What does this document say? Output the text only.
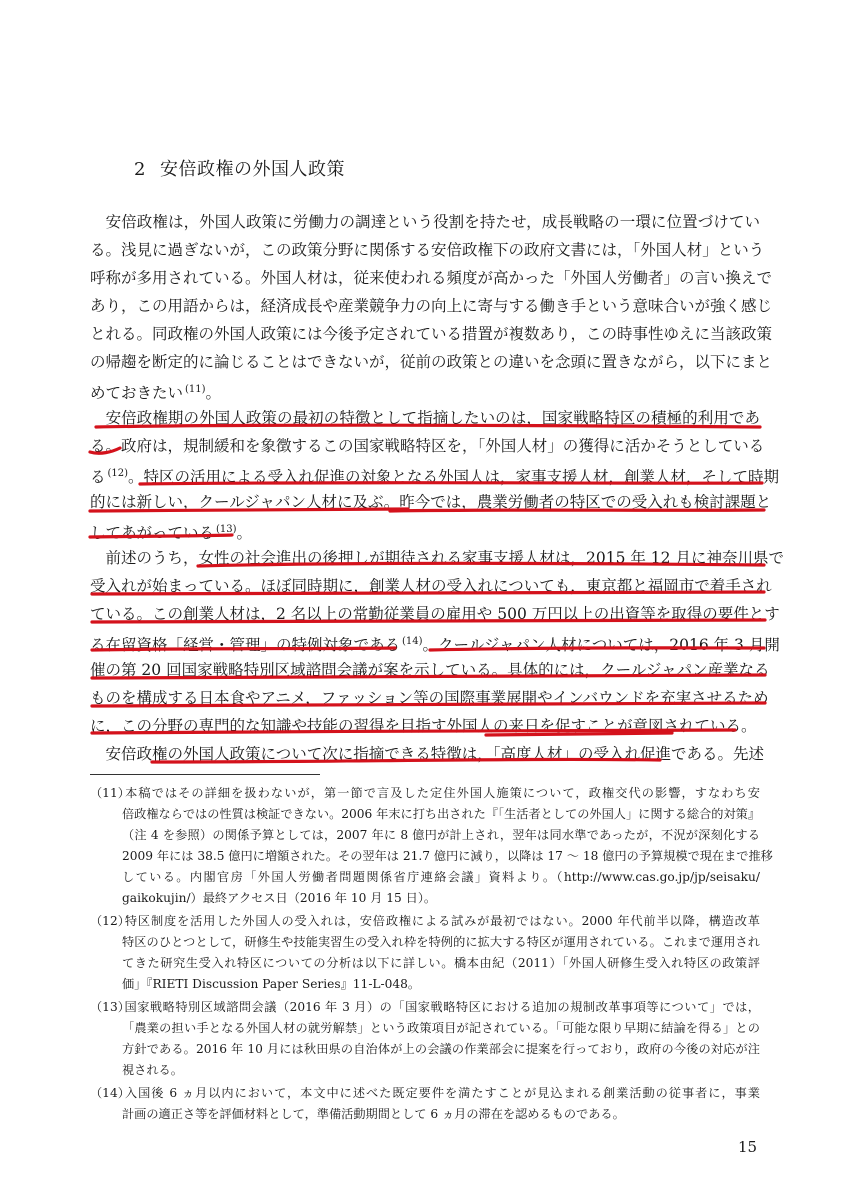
2 安倍政権の外国人政策
　安倍政権は，外国人政策に労働力の調達という役割を持たせ，成長戦略の一環に位置づけてい
る。浅見に過ぎないが，この政策分野に関係する安倍政権下の政府文書には，「外国人材」という
呼称が多用されている。外国人材は，従来使われる頻度が高かった「外国人労働者」の言い換えで
あり，この用語からは，経済成長や産業競争力の向上に寄与する働き手という意味合いが強く感じ
とれる。同政権の外国人政策には今後予定されている措置が複数あり，この時事性ゆえに当該政策
の帰趨を断定的に論じることはできないが，従前の政策との違いを念頭に置きながら，以下にまと
めておきたい $^{(11)}$。
　安倍政権期の外国人政策の最初の特徴として指摘したいのは，国家戦略特区の積極的利用であ
る。政府は，規制緩和を象徴するこの国家戦略特区を，「外国人材」の獲得に活かそうとしている
る $^{(12)}$。特区の活用による受入れ促進の対象となる外国人は，家事支援人材，創業人材，そして時期
的には新しい，クールジャパン人材に及ぶ。昨今では，農業労働者の特区での受入れも検討課題と
してあがっている $^{(13)}$。
　前述のうち，女性の社会進出の後押しが期待される家事支援人材は，2015 年 12 月に神奈川県で
受入れが始まっている。ほぼ同時期に，創業人材の受入れについても，東京都と福岡市で着手され
ている。この創業人材は，2 名以上の常勤従業員の雇用や 500 万円以上の出資等を取得の要件とす
る在留資格「経営・管理」の特例対象である $^{(14)}$。クールジャパン人材については，2016 年 3 月開
催の第 20 回国家戦略特別区域諮問会議が案を示している。具体的には，クールジャパン産業なる
ものを構成する日本食やアニメ，ファッション等の国際事業展開やインバウンドを充実させるため
に，この分野の専門的な知識や技能の習得を目指す外国人の来日を促すことが意図されている。
　安倍政権の外国人政策について次に指摘できる特徴は，「高度人材」の受入れ促進である。先述
（11）本稿ではその詳細を扱わないが，第一節で言及した定住外国人施策について，政権交代の影響，すなわち安
倍政権ならではの性質は検証できない。2006 年末に打ち出された『「生活者としての外国人」に関する総合的対策』
（注 4 を参照）の関係予算としては，2007 年に 8 億円が計上され，翌年は同水準であったが，不況が深刻化する
2009 年には 38.5 億円に増額された。その翌年は 21.7 億円に減り，以降は 17 ～ 18 億円の予算規模で現在まで推移
している。内閣官房「外国人労働者問題関係省庁連絡会議」資料より。（http://www.cas.go.jp/jp/seisaku/
gaikokujin/）最終アクセス日（2016 年 10 月 15 日）。
（12）特区制度を活用した外国人の受入れは，安倍政権による試みが最初ではない。2000 年代前半以降，構造改革
特区のひとつとして，研修生や技能実習生の受入れ枠を特例的に拡大する特区が運用されている。これまで運用され
てきた研究生受入れ特区についての分析は以下に詳しい。橋本由紀（2011）「外国人研修生受入れ特区の政策評
価」『RIETI Discussion Paper Series』11-L-048。
（13）国家戦略特別区域諮問会議（2016 年 3 月）の「国家戦略特区における追加の規制改革事項等について」では，
「農業の担い手となる外国人材の就労解禁」という政策項目が記されている。「可能な限り早期に結論を得る」との
方針である。2016 年 10 月には秋田県の自治体が上の会議の作業部会に提案を行っており，政府の今後の対応が注
視される。
（14）入国後 6 ヵ月以内において，本文中に述べた既定要件を満たすことが見込まれる創業活動の従事者に，事業
計画の適正さ等を評価材料として，準備活動期間として 6 ヵ月の滞在を認めるものである。
15
